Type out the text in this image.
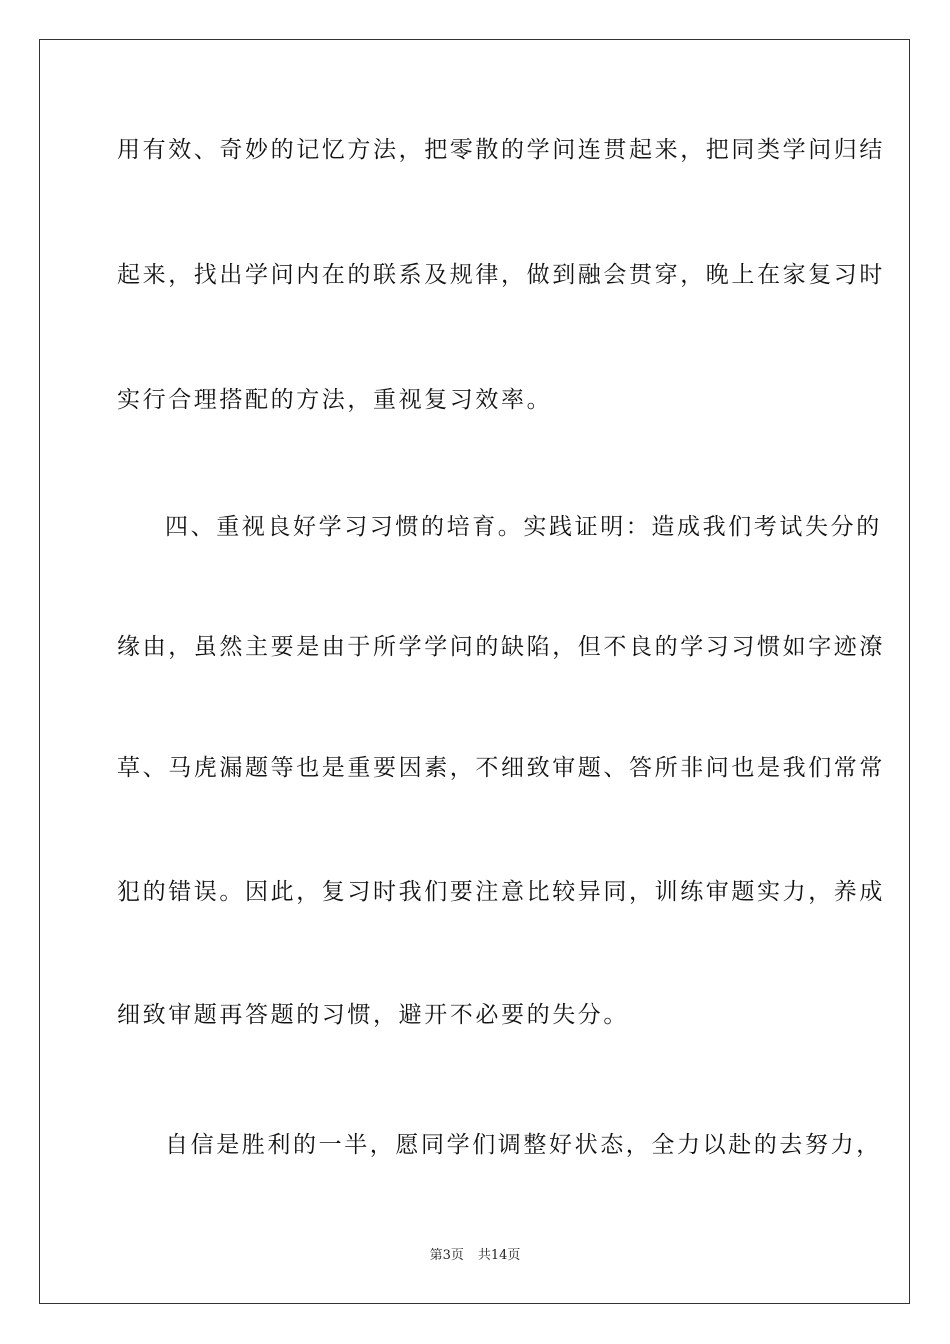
用有效、奇妙的记忆方法，把零散的学问连贯起来，把同类学问归结
起来，找出学问内在的联系及规律，做到融会贯穿，晚上在家复习时
实行合理搭配的方法，重视复习效率。
四、重视良好学习习惯的培育。实践证明：造成我们考试失分的
缘由，虽然主要是由于所学学问的缺陷，但不良的学习习惯如字迹潦
草、马虎漏题等也是重要因素，不细致审题、答所非问也是我们常常
犯的错误。因此，复习时我们要注意比较异同，训练审题实力，养成
细致审题再答题的习惯，避开不必要的失分。
自信是胜利的一半，愿同学们调整好状态，全力以赴的去努力，
第3页 共14页
